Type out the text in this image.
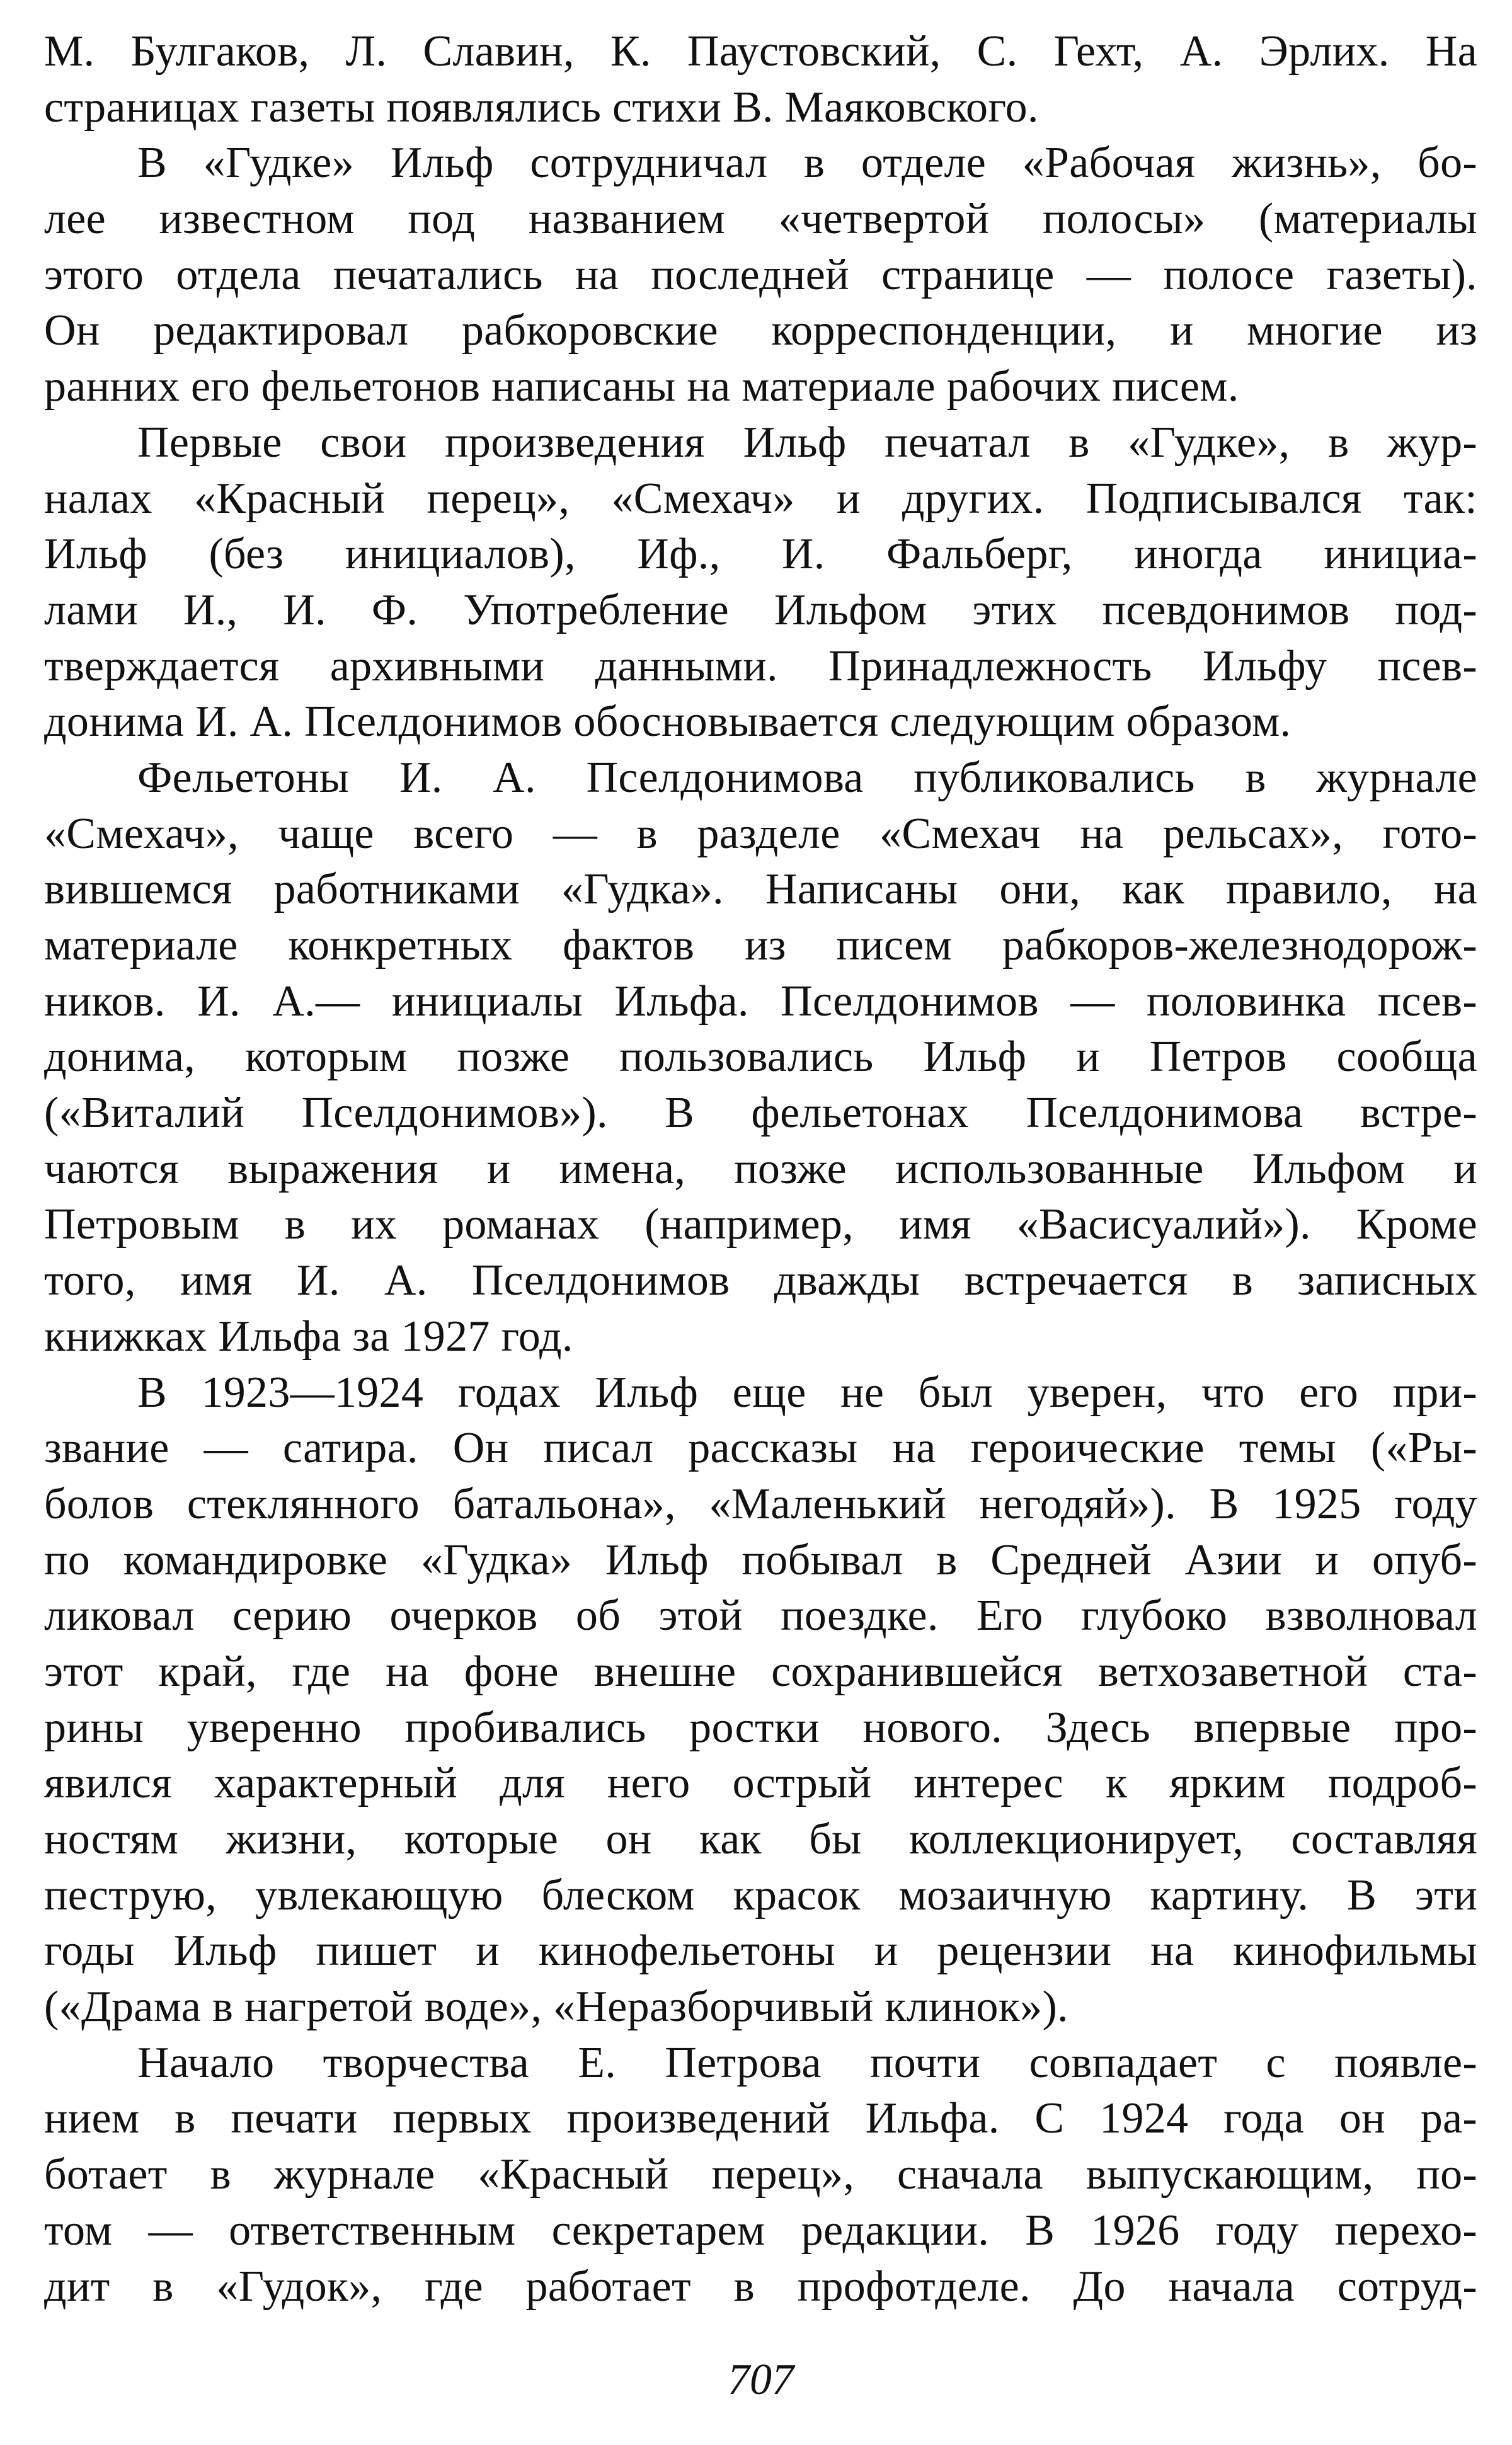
М. Булгаков, Л. Славин, К. Паустовский, С. Гехт, А. Эрлих. На
страницах газеты появлялись стихи В. Маяковского.
В «Гудке» Ильф сотрудничал в отделе «Рабочая жизнь», бо-
лее известном под названием «четвертой полосы» (материалы
этого отдела печатались на последней странице — полосе газеты).
Он редактировал рабкоровские корреспонденции, и многие из
ранних его фельетонов написаны на материале рабочих писем.
Первые свои произведения Ильф печатал в «Гудке», в жур-
налах «Красный перец», «Смехач» и других. Подписывался так:
Ильф (без инициалов), Иф., И. Фальберг, иногда инициа-
лами И., И. Ф. Употребление Ильфом этих псевдонимов под-
тверждается архивными данными. Принадлежность Ильфу псев-
донима И. А. Пселдонимов обосновывается следующим образом.
Фельетоны И. А. Пселдонимова публиковались в журнале
«Смехач», чаще всего — в разделе «Смехач на рельсах», гото-
вившемся работниками «Гудка». Написаны они, как правило, на
материале конкретных фактов из писем рабкоров-железнодорож-
ников. И. А.— инициалы Ильфа. Пселдонимов — половинка псев-
донима, которым позже пользовались Ильф и Петров сообща
(«Виталий Пселдонимов»). В фельетонах Пселдонимова встре-
чаются выражения и имена, позже использованные Ильфом и
Петровым в их романах (например, имя «Васисуалий»). Кроме
того, имя И. А. Пселдонимов дважды встречается в записных
книжках Ильфа за 1927 год.
В 1923—1924 годах Ильф еще не был уверен, что его при-
звание — сатира. Он писал рассказы на героические темы («Ры-
болов стеклянного батальона», «Маленький негодяй»). В 1925 году
по командировке «Гудка» Ильф побывал в Средней Азии и опуб-
ликовал серию очерков об этой поездке. Его глубоко взволновал
этот край, где на фоне внешне сохранившейся ветхозаветной ста-
рины уверенно пробивались ростки нового. Здесь впервые про-
явился характерный для него острый интерес к ярким подроб-
ностям жизни, которые он как бы коллекционирует, составляя
пеструю, увлекающую блеском красок мозаичную картину. В эти
годы Ильф пишет и кинофельетоны и рецензии на кинофильмы
(«Драма в нагретой воде», «Неразборчивый клинок»).
Начало творчества Е. Петрова почти совпадает с появле-
нием в печати первых произведений Ильфа. С 1924 года он ра-
ботает в журнале «Красный перец», сначала выпускающим, по-
том — ответственным секретарем редакции. В 1926 году перехо-
дит в «Гудок», где работает в профотделе. До начала сотруд-
707
